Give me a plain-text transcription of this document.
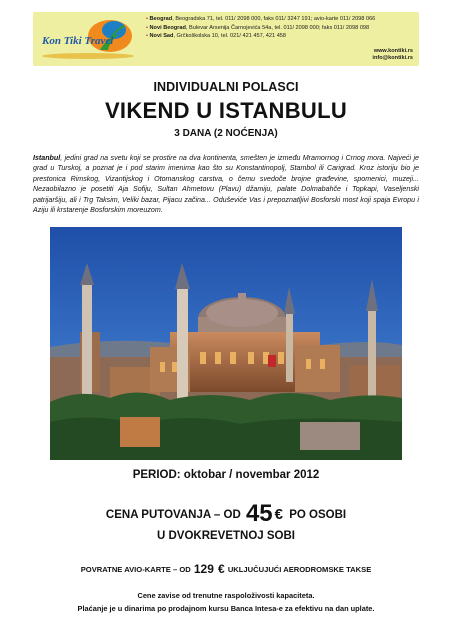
Kon Tiki Travel
• Beograd, Beogradska 71, tel. 011/ 2098 000, faks 011/ 3247 191; avio-karte 011/ 2098 066
• Novi Beograd, Bulevar Arsenija Čarnojevića 54a, tel. 011/ 2098 000; faks 011/ 2098 098
• Novi Sad, Grčkoškolska 10, tel. 021/ 421 457, 421 458
www.kontiki.rs
info@kontiki.rs
INDIVIDUALNI POLASCI
VIKEND U ISTANBULU
3 DANA (2 NOĆENJA)
Istanbul, jedini grad na svetu koji se prostire na dva kontinenta, smešten je između Mramornog i Crnog mora. Najveći je grad u Turskoj, a poznat je i pod starim imenima kao što su Konstantinopolj, Stambol ili Carigrad. Kroz istoriju bio je prestonica Rimskog, Vizantijskog i Otomanskog carstva, o čemu svedoče brojne građevine, spomenici, muzeji... Nezaobilazno je posetiti Aja Sofiju, Sultan Ahmetovu (Plavu) džamiju, palate Dolmabahče i Topkapi, Vaseljenski patrijaršiju, ali i Trg Taksim, Veliki bazar, Pijacu začina... Oduševiće Vas i prepoznatljivi Bosforski most koji spaja Evropu i Aziju ili krstarenje Bosforskim moreuzom.
PERIOD: oktobar / novembar 2012
CENA PUTOVANJA – OD 45 € PO OSOBI
U DVOKREVETNOJ SOBI
POVRATNE AVIO-KARTE – OD 129 € UKLJUČUJUĆI AERODROMSKE TAKSE
Cene zavise od trenutne raspoloživosti kapaciteta.
Plaćanje je u dinarima po prodajnom kursu Banca Intesa-e za efektivu na dan uplate.
